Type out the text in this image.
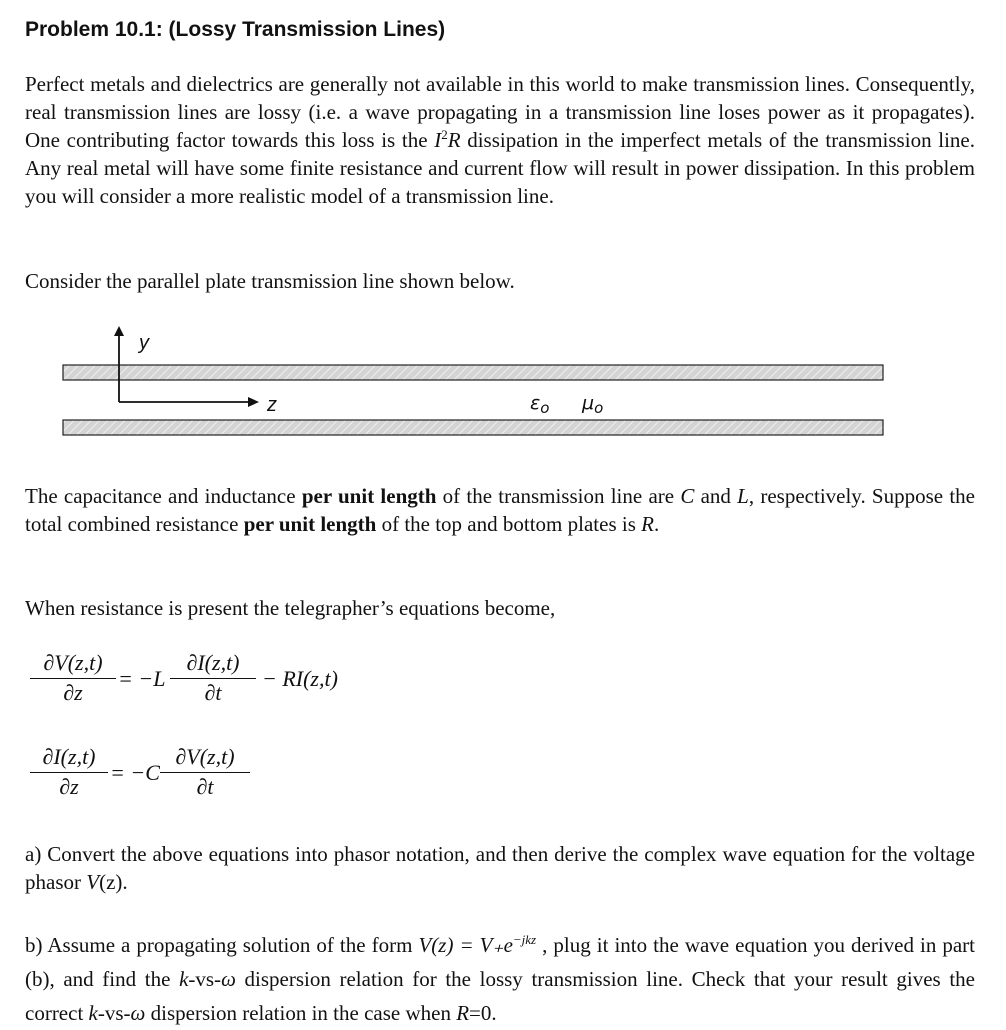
Problem 10.1: (Lossy Transmission Lines)

Perfect metals and dielectrics are generally not available in this world to make transmission lines. Consequently, real transmission lines are lossy (i.e. a wave propagating in a transmission line loses power as it propagates). One contributing factor towards this loss is the $I^2R$ dissipation in the imperfect metals of the transmission line. Any real metal will have some finite resistance and current flow will result in power dissipation. In this problem you will consider a more realistic model of a transmission line.

Consider the parallel plate transmission line shown below.

y
z	$\varepsilon_o$ $\mu_o$

The capacitance and inductance per unit length of the transmission line are C and L, respectively. Suppose the total combined resistance per unit length of the top and bottom plates is R.

When resistance is present the telegrapher’s equations become,

∂V(z,t)
∂z
= −L
∂I(z,t)
∂t
− RI(z,t)
∂I(z,t)
∂z
= −C
∂V(z,t)
∂t

a) Convert the above equations into phasor notation, and then derive the complex wave equation for the voltage phasor V(z).

b) Assume a propagating solution of the form $V(z) = V_+e^{-jkz}$ , plug it into the wave equation you derived in part (b), and find the k-vs-ω dispersion relation for the lossy transmission line. Check that your result gives the correct k-vs-ω dispersion relation in the case when R=0.
